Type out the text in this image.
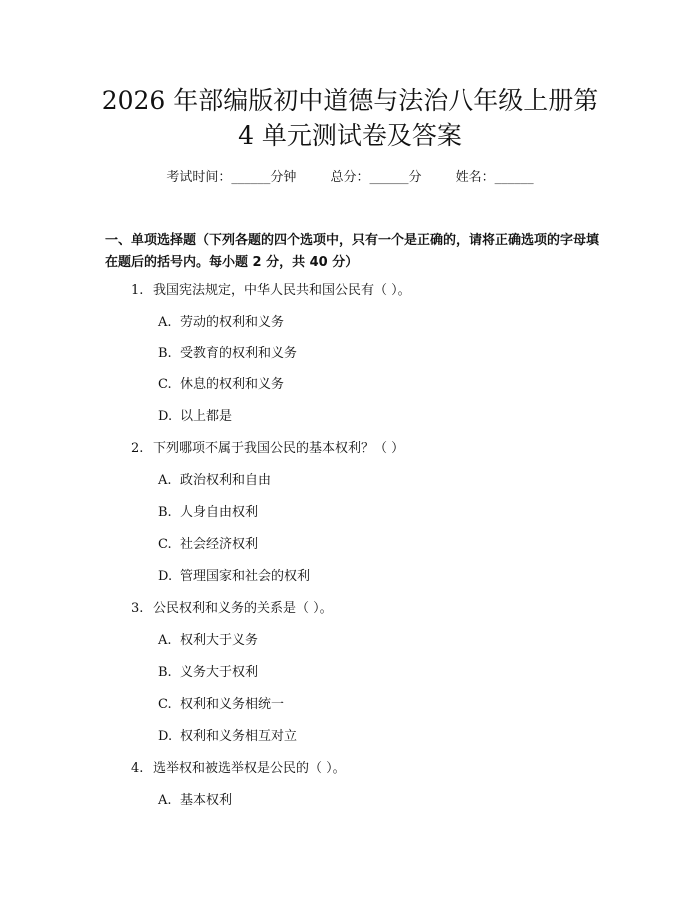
2026 年部编版初中道德与法治八年级上册第
4 单元测试卷及答案
考试时间：______分钟	总分：______分	姓名：______

一、单项选择题（下列各题的四个选项中，只有一个是正确的，请将正确选项的字母填在题后的括号内。每小题 2 分，共 40 分）

1. 我国宪法规定，中华人民共和国公民有（ ）。
A. 劳动的权利和义务
B. 受教育的权利和义务
C. 休息的权利和义务
D. 以上都是
2. 下列哪项不属于我国公民的基本权利？（ ）
A. 政治权利和自由
B. 人身自由权利
C. 社会经济权利
D. 管理国家和社会的权利
3. 公民权利和义务的关系是（ ）。
A. 权利大于义务
B. 义务大于权利
C. 权利和义务相统一
D. 权利和义务相互对立
4. 选举权和被选举权是公民的（ ）。
A. 基本权利
